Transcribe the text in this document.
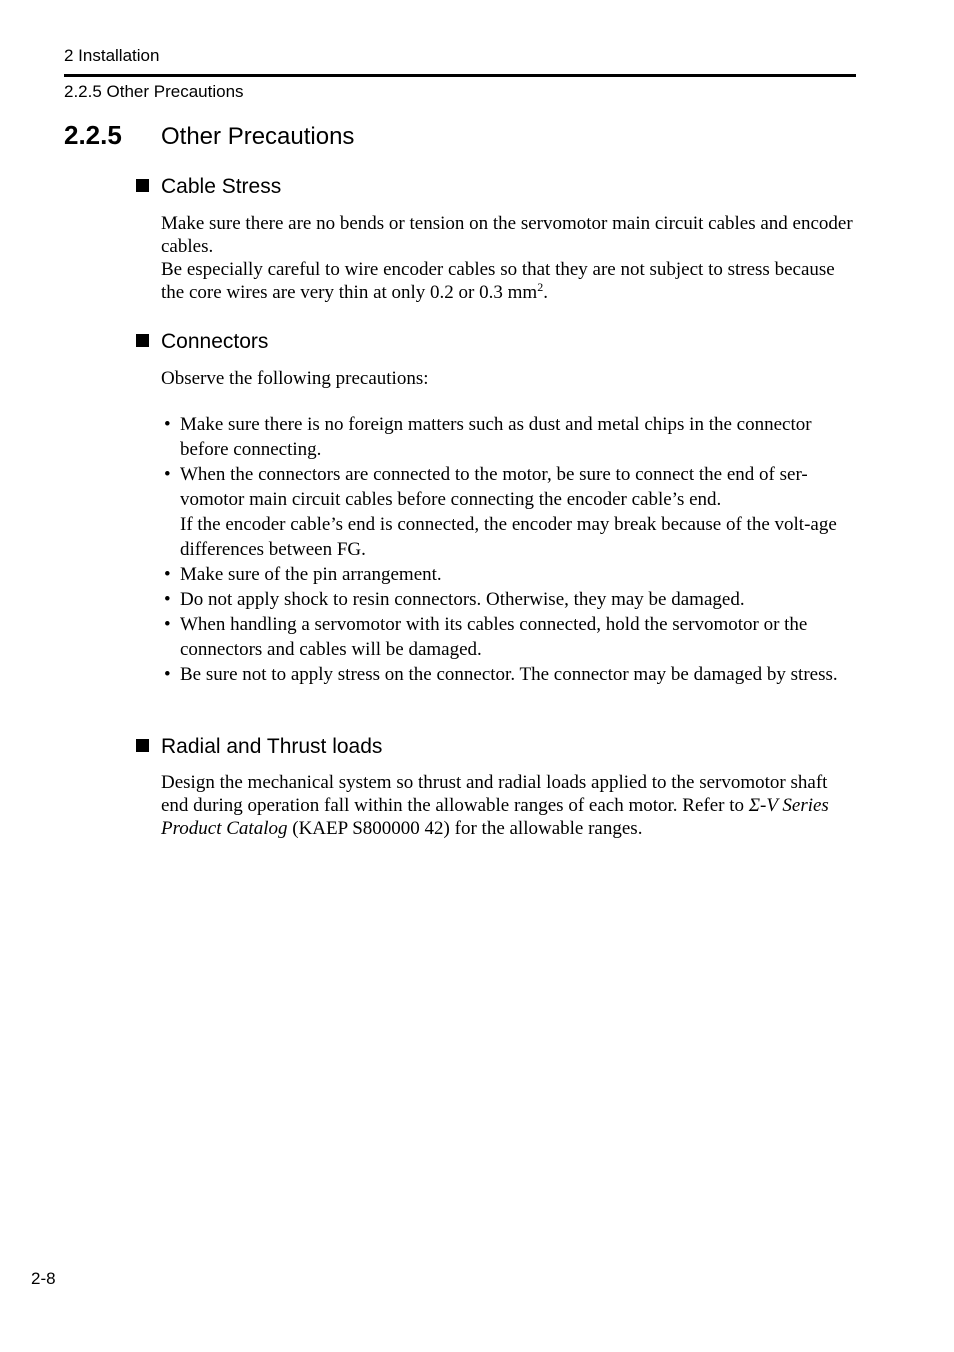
2 Installation
2.2.5 Other Precautions
2.2.5 Other Precautions
Cable Stress
Make sure there are no bends or tension on the servomotor main circuit cables and encoder cables.
Be especially careful to wire encoder cables so that they are not subject to stress because the core wires are very thin at only 0.2 or 0.3 $mm^2$.
Connectors
Observe the following precautions:
• Make sure there is no foreign matters such as dust and metal chips in the connector before connecting.
• When the connectors are connected to the motor, be sure to connect the end of ser-vomotor main circuit cables before connecting the encoder cable’s end.
If the encoder cable’s end is connected, the encoder may break because of the volt-age differences between FG.
• Make sure of the pin arrangement.
• Do not apply shock to resin connectors. Otherwise, they may be damaged.
• When handling a servomotor with its cables connected, hold the servomotor or the connectors and cables will be damaged.
• Be sure not to apply stress on the connector. The connector may be damaged by stress.
Radial and Thrust loads
Design the mechanical system so thrust and radial loads applied to the servomotor shaft end during operation fall within the allowable ranges of each motor. Refer to Σ-V Series Product Catalog (KAEP S800000 42) for the allowable ranges.
2-8
